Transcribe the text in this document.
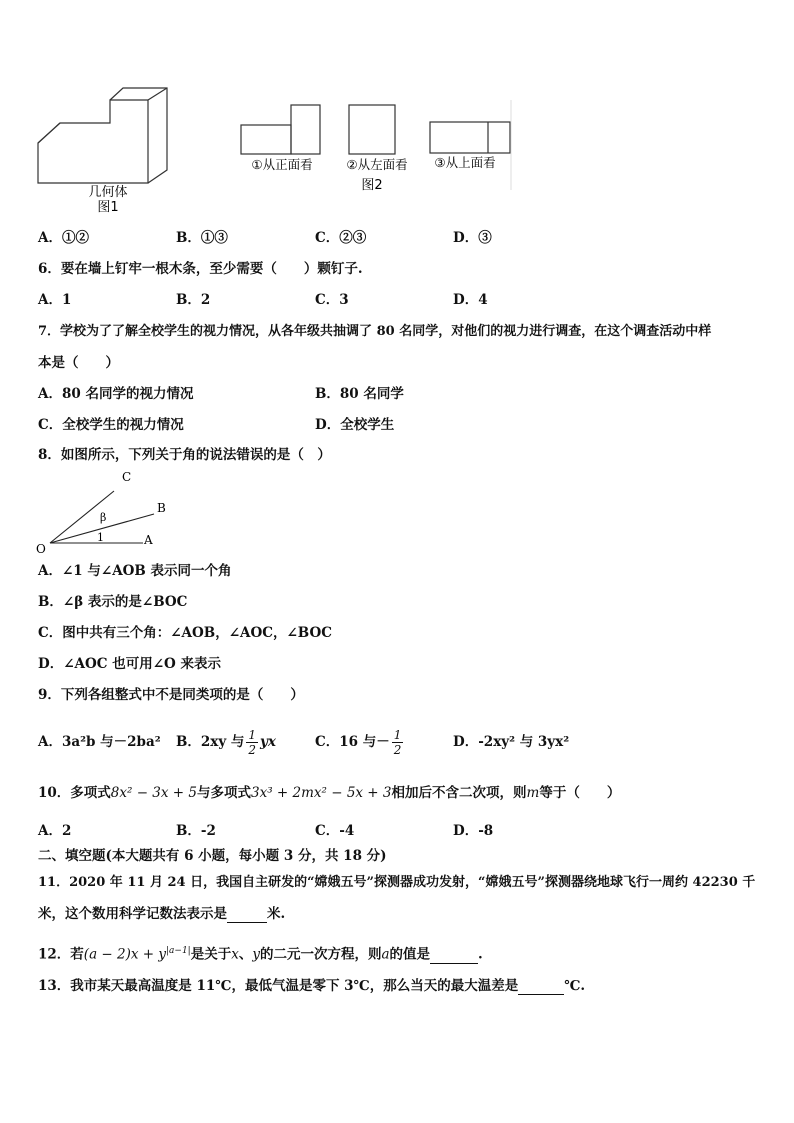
几何体
图1
①从正面看	②从左面看 ③从上面看
图2
A．①②	B．①③	C．②③	D．③
6．要在墙上钉牢一根木条，至少需要（　　）颗钉子.
A．1	B．2	C．3	D．4
7．学校为了了解全校学生的视力情况，从各年级共抽调了 80 名同学，对他们的视力进行调查，在这个调查活动中样
本是（　　）
A．80 名同学的视力情况	B．80 名同学
C．全校学生的视力情况	D．全校学生
8．如图所示，下列关于角的说法错误的是（　）
C
B
O
A
β
1
A．∠1 与∠AOB 表示同一个角
B．∠β 表示的是∠BOC
C．图中共有三个角：∠AOB，∠AOC，∠BOC
D．∠AOC 也可用∠O 来表示
9．下列各组整式中不是同类项的是（　　）
A．3a²b 与－2ba² B．2xy 与 $\frac{1}{2}$ yx	C．16 与－ $\frac{1}{2}$	D．-2xy² 与 3yx²
10．多项式8x² − 3x + 5与多项式3x³ + 2mx² − 5x + 3相加后不含二次项，则m等于（　　）
A．2	B．-2	C．-4	D．-8
二、填空题(本大题共有 6 小题，每小题 3 分，共 18 分)
11．2020 年 11 月 24 日，我国自主研发的“嫦娥五号”探测器成功发射，“嫦娥五号”探测器绕地球飞行一周约 42230 千
米，这个数用科学记数法表示是	米.
12．若$(a - 2)x + y^{|a-1|}$是关于x、y的二元一次方程，则a的值是	.
13．我市某天最高温度是 11℃，最低气温是零下 3℃，那么当天的最大温差是	℃.
